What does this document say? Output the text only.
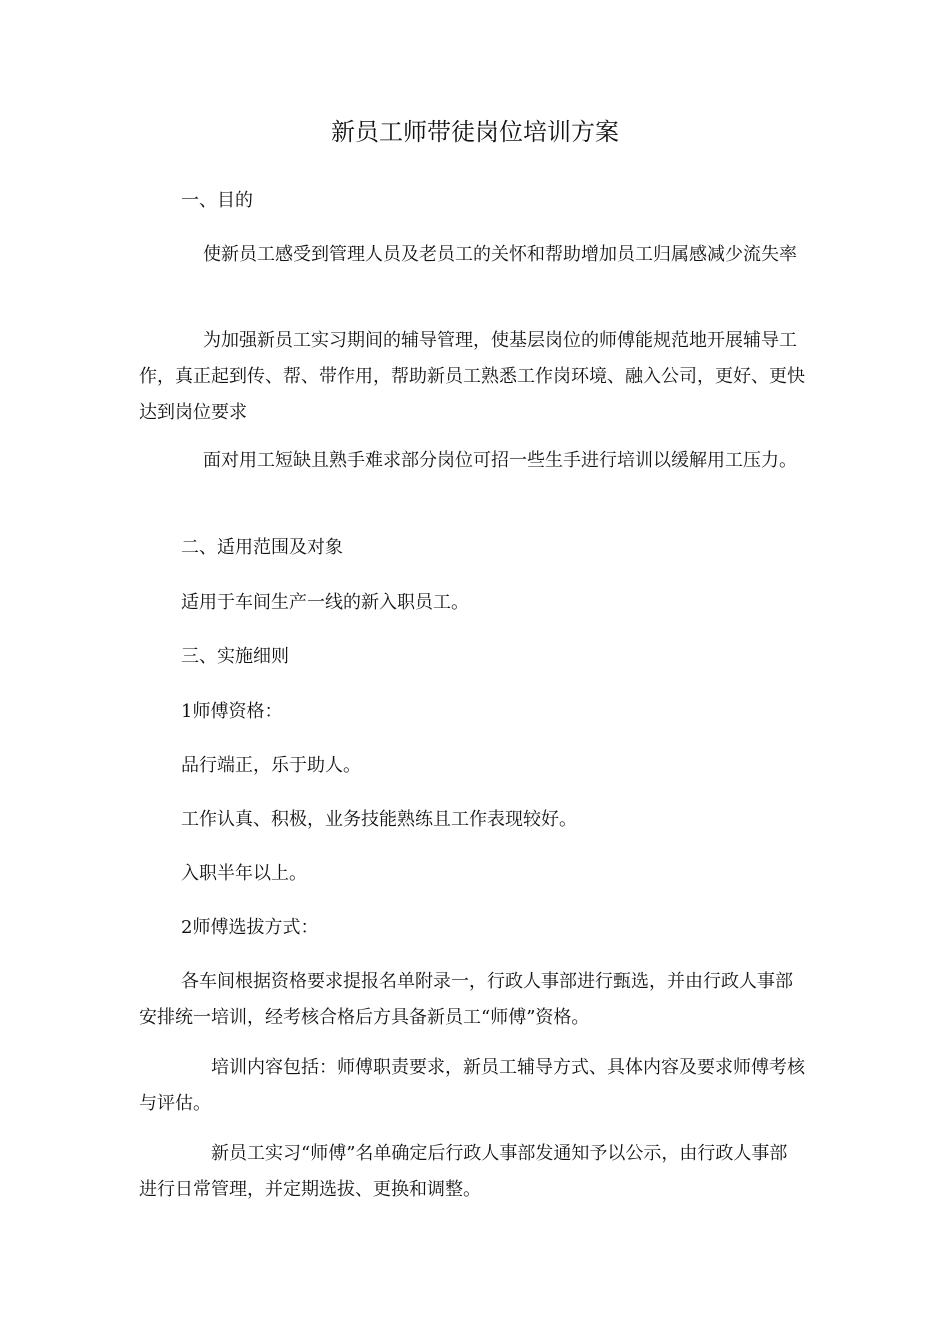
新员工师带徒岗位培训方案

一、目的

使新员工感受到管理人员及老员工的关怀和帮助增加员工归属感减少流失率

为加强新员工实习期间的辅导管理，使基层岗位的师傅能规范地开展辅导工作，真正起到传、帮、带作用，帮助新员工熟悉工作岗环境、融入公司，更好、更快达到岗位要求

面对用工短缺且熟手难求部分岗位可招一些生手进行培训以缓解用工压力。

二、适用范围及对象

适用于车间生产一线的新入职员工。

三、实施细则

1师傅资格：

品行端正，乐于助人。

工作认真、积极，业务技能熟练且工作表现较好。

入职半年以上。

2师傅选拔方式：

各车间根据资格要求提报名单附录一，行政人事部进行甄选，并由行政人事部安排统一培训，经考核合格后方具备新员工“师傅”资格。

培训内容包括：师傅职责要求，新员工辅导方式、具体内容及要求师傅考核与评估。

新员工实习“师傅”名单确定后行政人事部发通知予以公示，由行政人事部进行日常管理，并定期选拔、更换和调整。
